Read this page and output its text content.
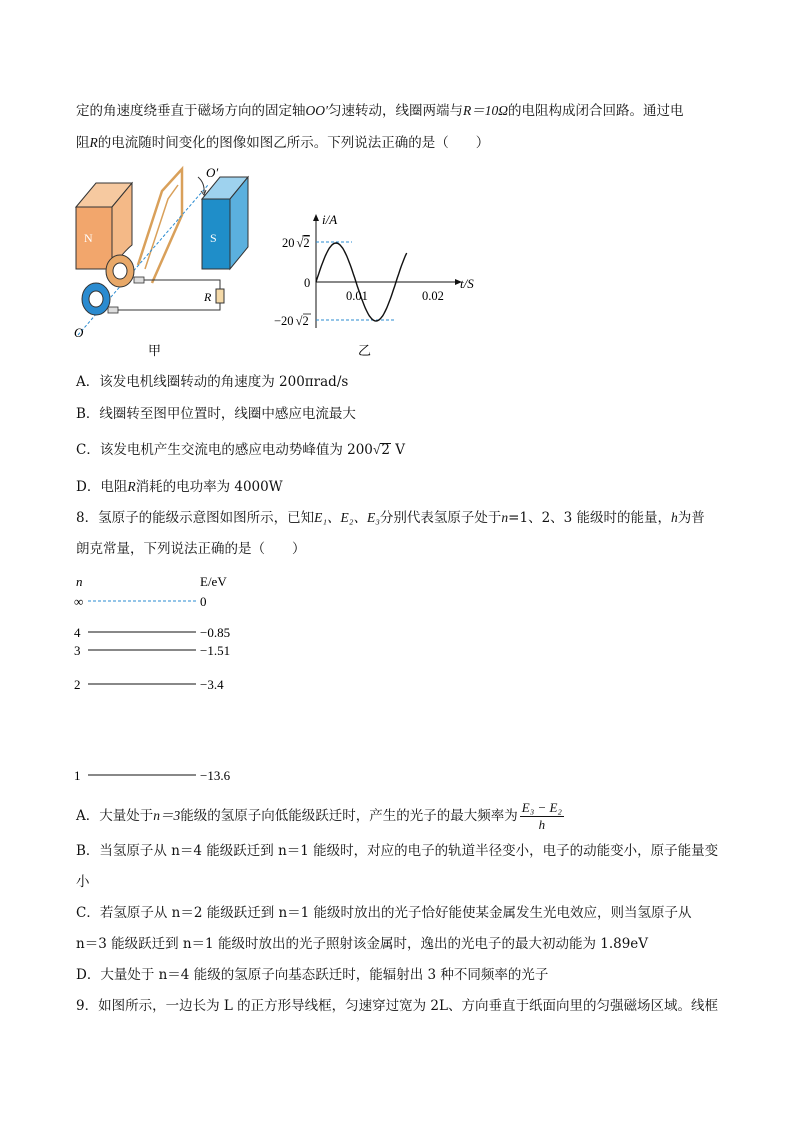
定的角速度绕垂直于磁场方向的固定轴OO′匀速转动，线圈两端与R＝10Ω的电阻构成闭合回路。通过电
阻R的电流随时间变化的图像如图乙所示。下列说法正确的是（　　）
N	S
O′
R
O
甲
i/A
t/S
20 √2
−20 √2
0
0.01	0.02
乙
A．该发电机线圈转动的角速度为 200πrad/s
B．线圈转至图甲位置时，线圈中感应电流最大
C．该发电机产生交流电的感应电动势峰值为 200√2 V
D．电阻R消耗的电功率为 4000W
8．氢原子的能级示意图如图所示，已知E₁、E₂、E₃分别代表氢原子处于n=1、2、3 能级时的能量，h为普
朗克常量，下列说法正确的是（　　）
n	E/eV
∞	0
4	−0.85
3	−1.51
2	−3.4
1	−13.6
A．大量处于n＝3能级的氢原子向低能级跃迁时，产生的光子的最大频率为 $\frac{\text{E₃ − E₂}}{h}$
B．当氢原子从 n＝4 能级跃迁到 n＝1 能级时，对应的电子的轨道半径变小，电子的动能变小，原子能量变
小
C．若氢原子从 n＝2 能级跃迁到 n＝1 能级时放出的光子恰好能使某金属发生光电效应，则当氢原子从
n＝3 能级跃迁到 n＝1 能级时放出的光子照射该金属时，逸出的光电子的最大初动能为 1.89eV
D．大量处于 n＝4 能级的氢原子向基态跃迁时，能辐射出 3 种不同频率的光子
9．如图所示，一边长为 L 的正方形导线框，匀速穿过宽为 2L、方向垂直于纸面向里的匀强磁场区域。线框
